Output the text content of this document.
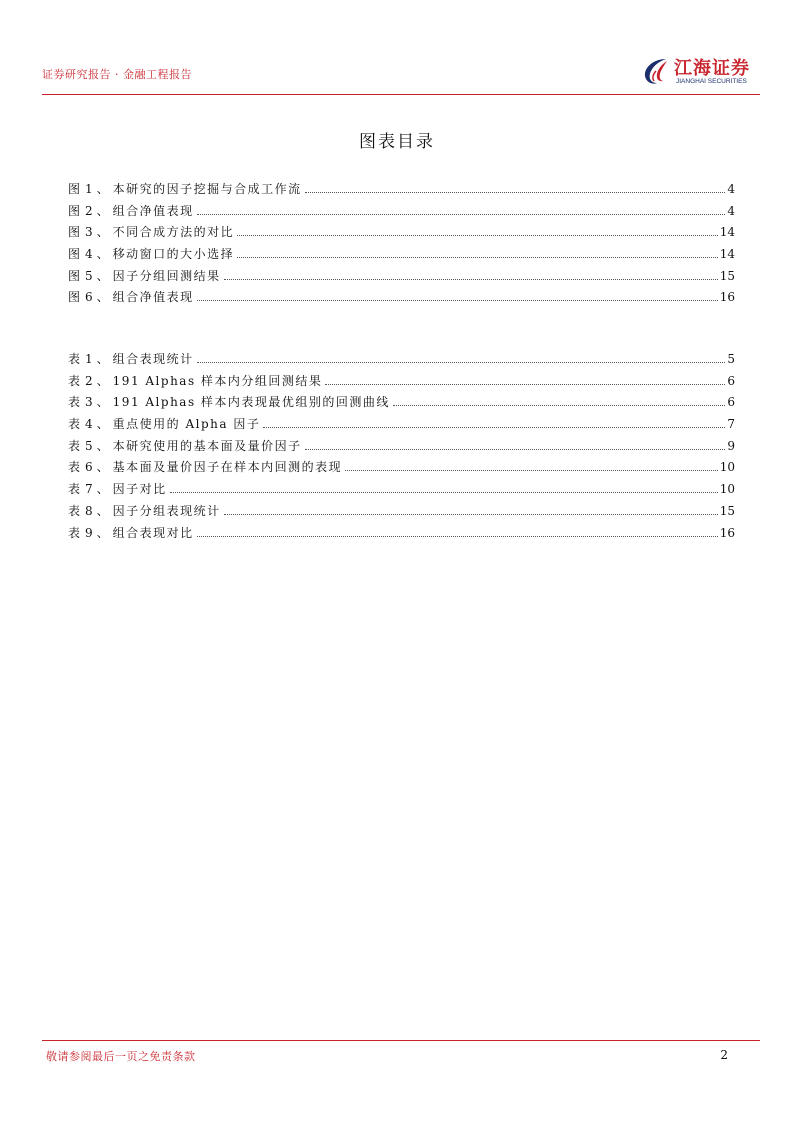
证券研究报告 · 金融工程报告	江海证券
JIANGHAI SECURITIES
图表目录
图 1 、 本研究的因子挖掘与合成工作流	4
图 2 、 组合净值表现	4
图 3 、 不同合成方法的对比	14
图 4 、 移动窗口的大小选择	14
图 5 、 因子分组回测结果	15
图 6 、 组合净值表现	16
表 1 、 组合表现统计	5
表 2 、 191 Alphas 样本内分组回测结果	6
表 3 、 191 Alphas 样本内表现最优组别的回测曲线	6
表 4 、 重点使用的 Alpha 因子	7
表 5 、 本研究使用的基本面及量价因子	9
表 6 、 基本面及量价因子在样本内回测的表现	10
表 7 、 因子对比	10
表 8 、 因子分组表现统计	15
表 9 、 组合表现对比	16
敬请参阅最后一页之免责条款	2
